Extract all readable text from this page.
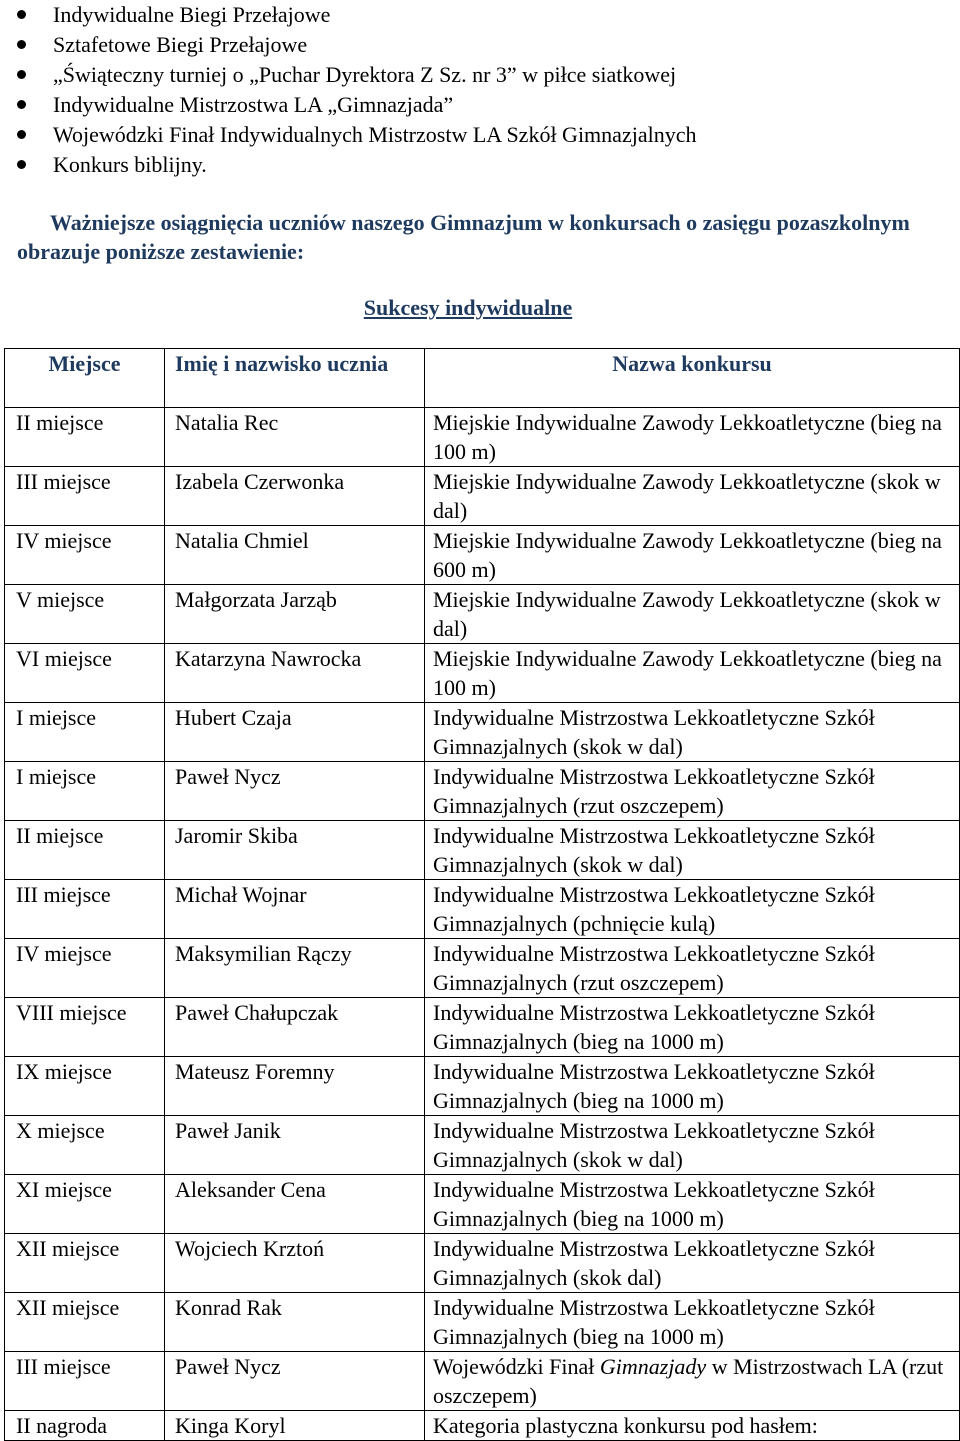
Indywidualne Biegi Przełajowe
Sztafetowe Biegi Przełajowe
„Świąteczny turniej o „Puchar Dyrektora Z Sz. nr 3” w piłce siatkowej
Indywidualne Mistrzostwa LA „Gimnazjada”
Wojewódzki Finał Indywidualnych Mistrzostw LA Szkół Gimnazjalnych
Konkurs biblijny.

Ważniejsze osiągnięcia uczniów naszego Gimnazjum w konkursach o zasięgu pozaszkolnym obrazuje poniższe zestawienie:

Sukcesy indywidualne
Miejsce	Imię i nazwisko ucznia	Nazwa konkursu
II miejsce	Natalia Rec	Miejskie Indywidualne Zawody Lekkoatletyczne (bieg na 100 m)
III miejsce	Izabela Czerwonka	Miejskie Indywidualne Zawody Lekkoatletyczne (skok w dal)
IV miejsce	Natalia Chmiel	Miejskie Indywidualne Zawody Lekkoatletyczne (bieg na 600 m)
V miejsce	Małgorzata Jarząb	Miejskie Indywidualne Zawody Lekkoatletyczne (skok w dal)
VI miejsce	Katarzyna Nawrocka	Miejskie Indywidualne Zawody Lekkoatletyczne (bieg na 100 m)
I miejsce	Hubert Czaja	Indywidualne Mistrzostwa Lekkoatletyczne Szkół Gimnazjalnych (skok w dal)
I miejsce	Paweł Nycz	Indywidualne Mistrzostwa Lekkoatletyczne Szkół Gimnazjalnych (rzut oszczepem)
II miejsce	Jaromir Skiba	Indywidualne Mistrzostwa Lekkoatletyczne Szkół Gimnazjalnych (skok w dal)
III miejsce	Michał Wojnar	Indywidualne Mistrzostwa Lekkoatletyczne Szkół Gimnazjalnych (pchnięcie kulą)
IV miejsce	Maksymilian Rączy	Indywidualne Mistrzostwa Lekkoatletyczne Szkół Gimnazjalnych (rzut oszczepem)
VIII miejsce	Paweł Chałupczak	Indywidualne Mistrzostwa Lekkoatletyczne Szkół Gimnazjalnych (bieg na 1000 m)
IX miejsce	Mateusz Foremny	Indywidualne Mistrzostwa Lekkoatletyczne Szkół Gimnazjalnych (bieg na 1000 m)
X miejsce	Paweł Janik	Indywidualne Mistrzostwa Lekkoatletyczne Szkół Gimnazjalnych (skok w dal)
XI miejsce	Aleksander Cena	Indywidualne Mistrzostwa Lekkoatletyczne Szkół Gimnazjalnych (bieg na 1000 m)
XII miejsce	Wojciech Krztoń	Indywidualne Mistrzostwa Lekkoatletyczne Szkół Gimnazjalnych (skok dal)
XII miejsce	Konrad Rak	Indywidualne Mistrzostwa Lekkoatletyczne Szkół Gimnazjalnych (bieg na 1000 m)
III miejsce	Paweł Nycz	Wojewódzki Finał Gimnazjady w Mistrzostwach LA (rzut oszczepem)
II nagroda	Kinga Koryl	Kategoria plastyczna konkursu pod hasłem:
